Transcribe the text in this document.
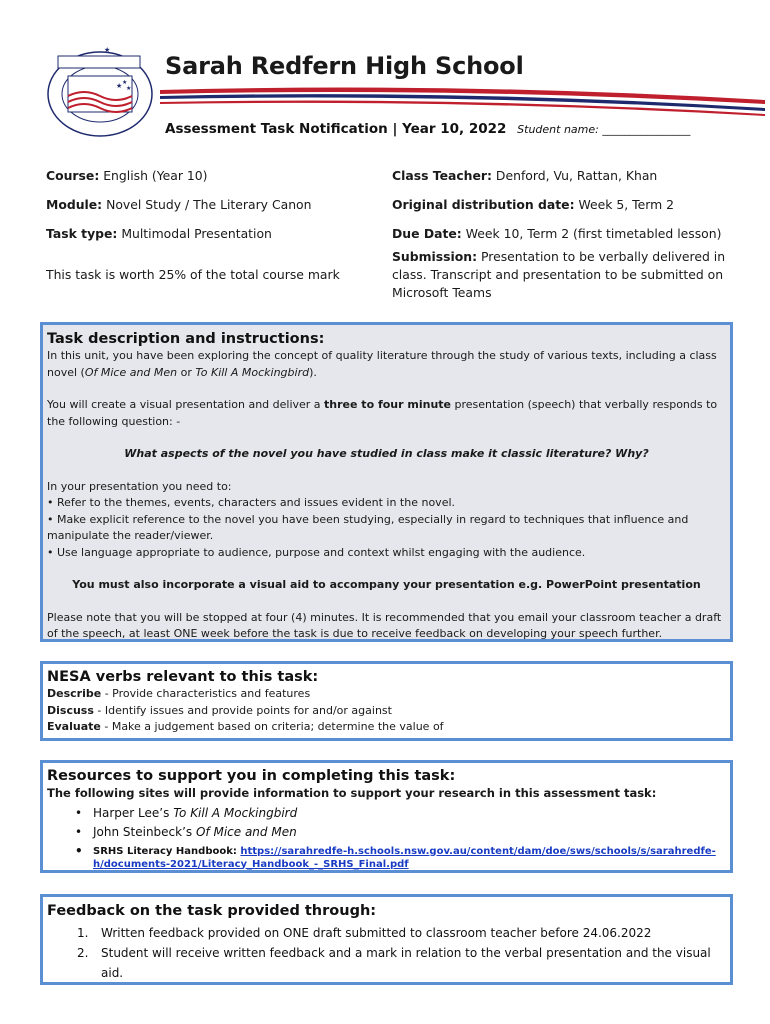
★ ★
★
★
Sarah Redfern High School
Assessment Task Notification | Year 10, 2022 Student name: ________________
Course: English (Year 10)
Module: Novel Study / The Literary Canon
Task type: Multimodal Presentation
This task is worth 25% of the total course mark
Class Teacher: Denford, Vu, Rattan, Khan
Original distribution date: Week 5, Term 2
Due Date: Week 10, Term 2 (first timetabled lesson)
Submission: Presentation to be verbally delivered in class. Transcript and presentation to be submitted on Microsoft Teams
Task description and instructions:

In this unit, you have been exploring the concept of quality literature through the study of various texts, including a class novel (Of Mice and Men or To Kill A Mockingbird).

You will create a visual presentation and deliver a three to four minute presentation (speech) that verbally responds to the following question: -

What aspects of the novel you have studied in class make it classic literature? Why?

In your presentation you need to:

• Refer to the themes, events, characters and issues evident in the novel.

• Make explicit reference to the novel you have been studying, especially in regard to techniques that influence and manipulate the reader/viewer.

• Use language appropriate to audience, purpose and context whilst engaging with the audience.

You must also incorporate a visual aid to accompany your presentation e.g. PowerPoint presentation

Please note that you will be stopped at four (4) minutes. It is recommended that you email your classroom teacher a draft of the speech, at least ONE week before the task is due to receive feedback on developing your speech further.

NESA verbs relevant to this task:

Describe - Provide characteristics and features

Discuss - Identify issues and provide points for and/or against

Evaluate - Make a judgement based on criteria; determine the value of

Resources to support you in completing this task:

The following sites will provide information to support your research in this assessment task:

• Harper Lee’s To Kill A Mockingbird
• John Steinbeck’s Of Mice and Men
• SRHS Literacy Handbook: https://sarahredfe-h.schools.nsw.gov.au/content/dam/doe/sws/schools/s/sarahredfe-h/documents-2021/Literacy_Handbook_-_SRHS_Final.pdf
Feedback on the task provided through:
1. Written feedback provided on ONE draft submitted to classroom teacher before 24.06.2022
2. Student will receive written feedback and a mark in relation to the verbal presentation and the visual aid.
